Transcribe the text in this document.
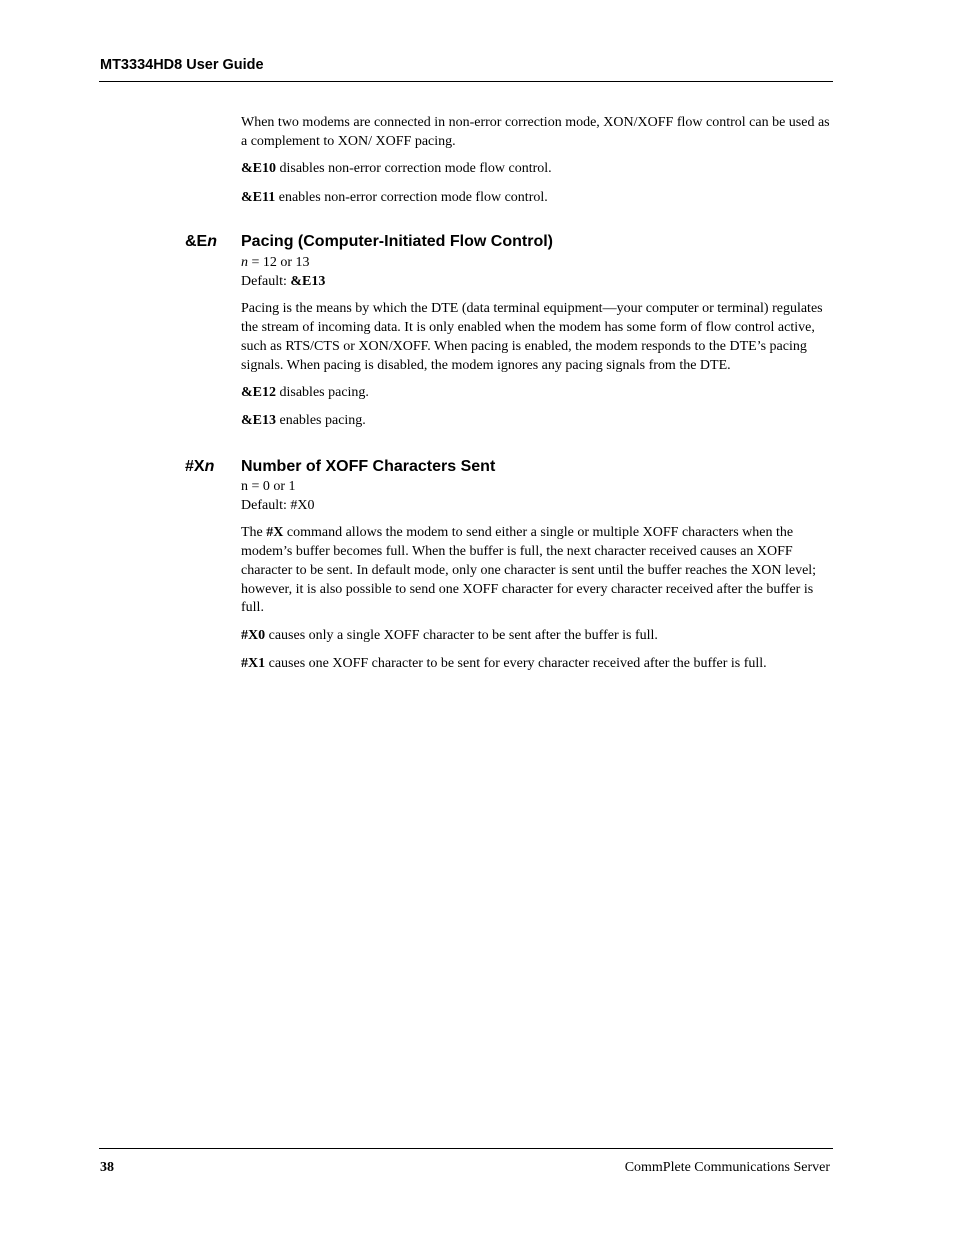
MT3334HD8 User Guide

When two modems are connected in non-error correction mode, XON/XOFF flow control can be used as a complement to XON/ XOFF pacing.

&E10 disables non-error correction mode flow control.

&E11 enables non-error correction mode flow control.

&En Pacing (Computer-Initiated Flow Control)

n = 12 or 13

Default: &E13

Pacing is the means by which the DTE (data terminal equipment—your computer or terminal) regulates the stream of incoming data. It is only enabled when the modem has some form of flow control active, such as RTS/CTS or XON/XOFF. When pacing is enabled, the modem responds to the DTE’s pacing signals. When pacing is disabled, the modem ignores any pacing signals from the DTE.

&E12 disables pacing.

&E13 enables pacing.

#Xn Number of XOFF Characters Sent

n = 0 or 1

Default: #X0

The #X command allows the modem to send either a single or multiple XOFF characters when the modem’s buffer becomes full. When the buffer is full, the next character received causes an XOFF character to be sent. In default mode, only one character is sent until the buffer reaches the XON level; however, it is also possible to send one XOFF character for every character received after the buffer is full.

#X0 causes only a single XOFF character to be sent after the buffer is full.

#X1 causes one XOFF character to be sent for every character received after the buffer is full.

38	CommPlete Communications Server
